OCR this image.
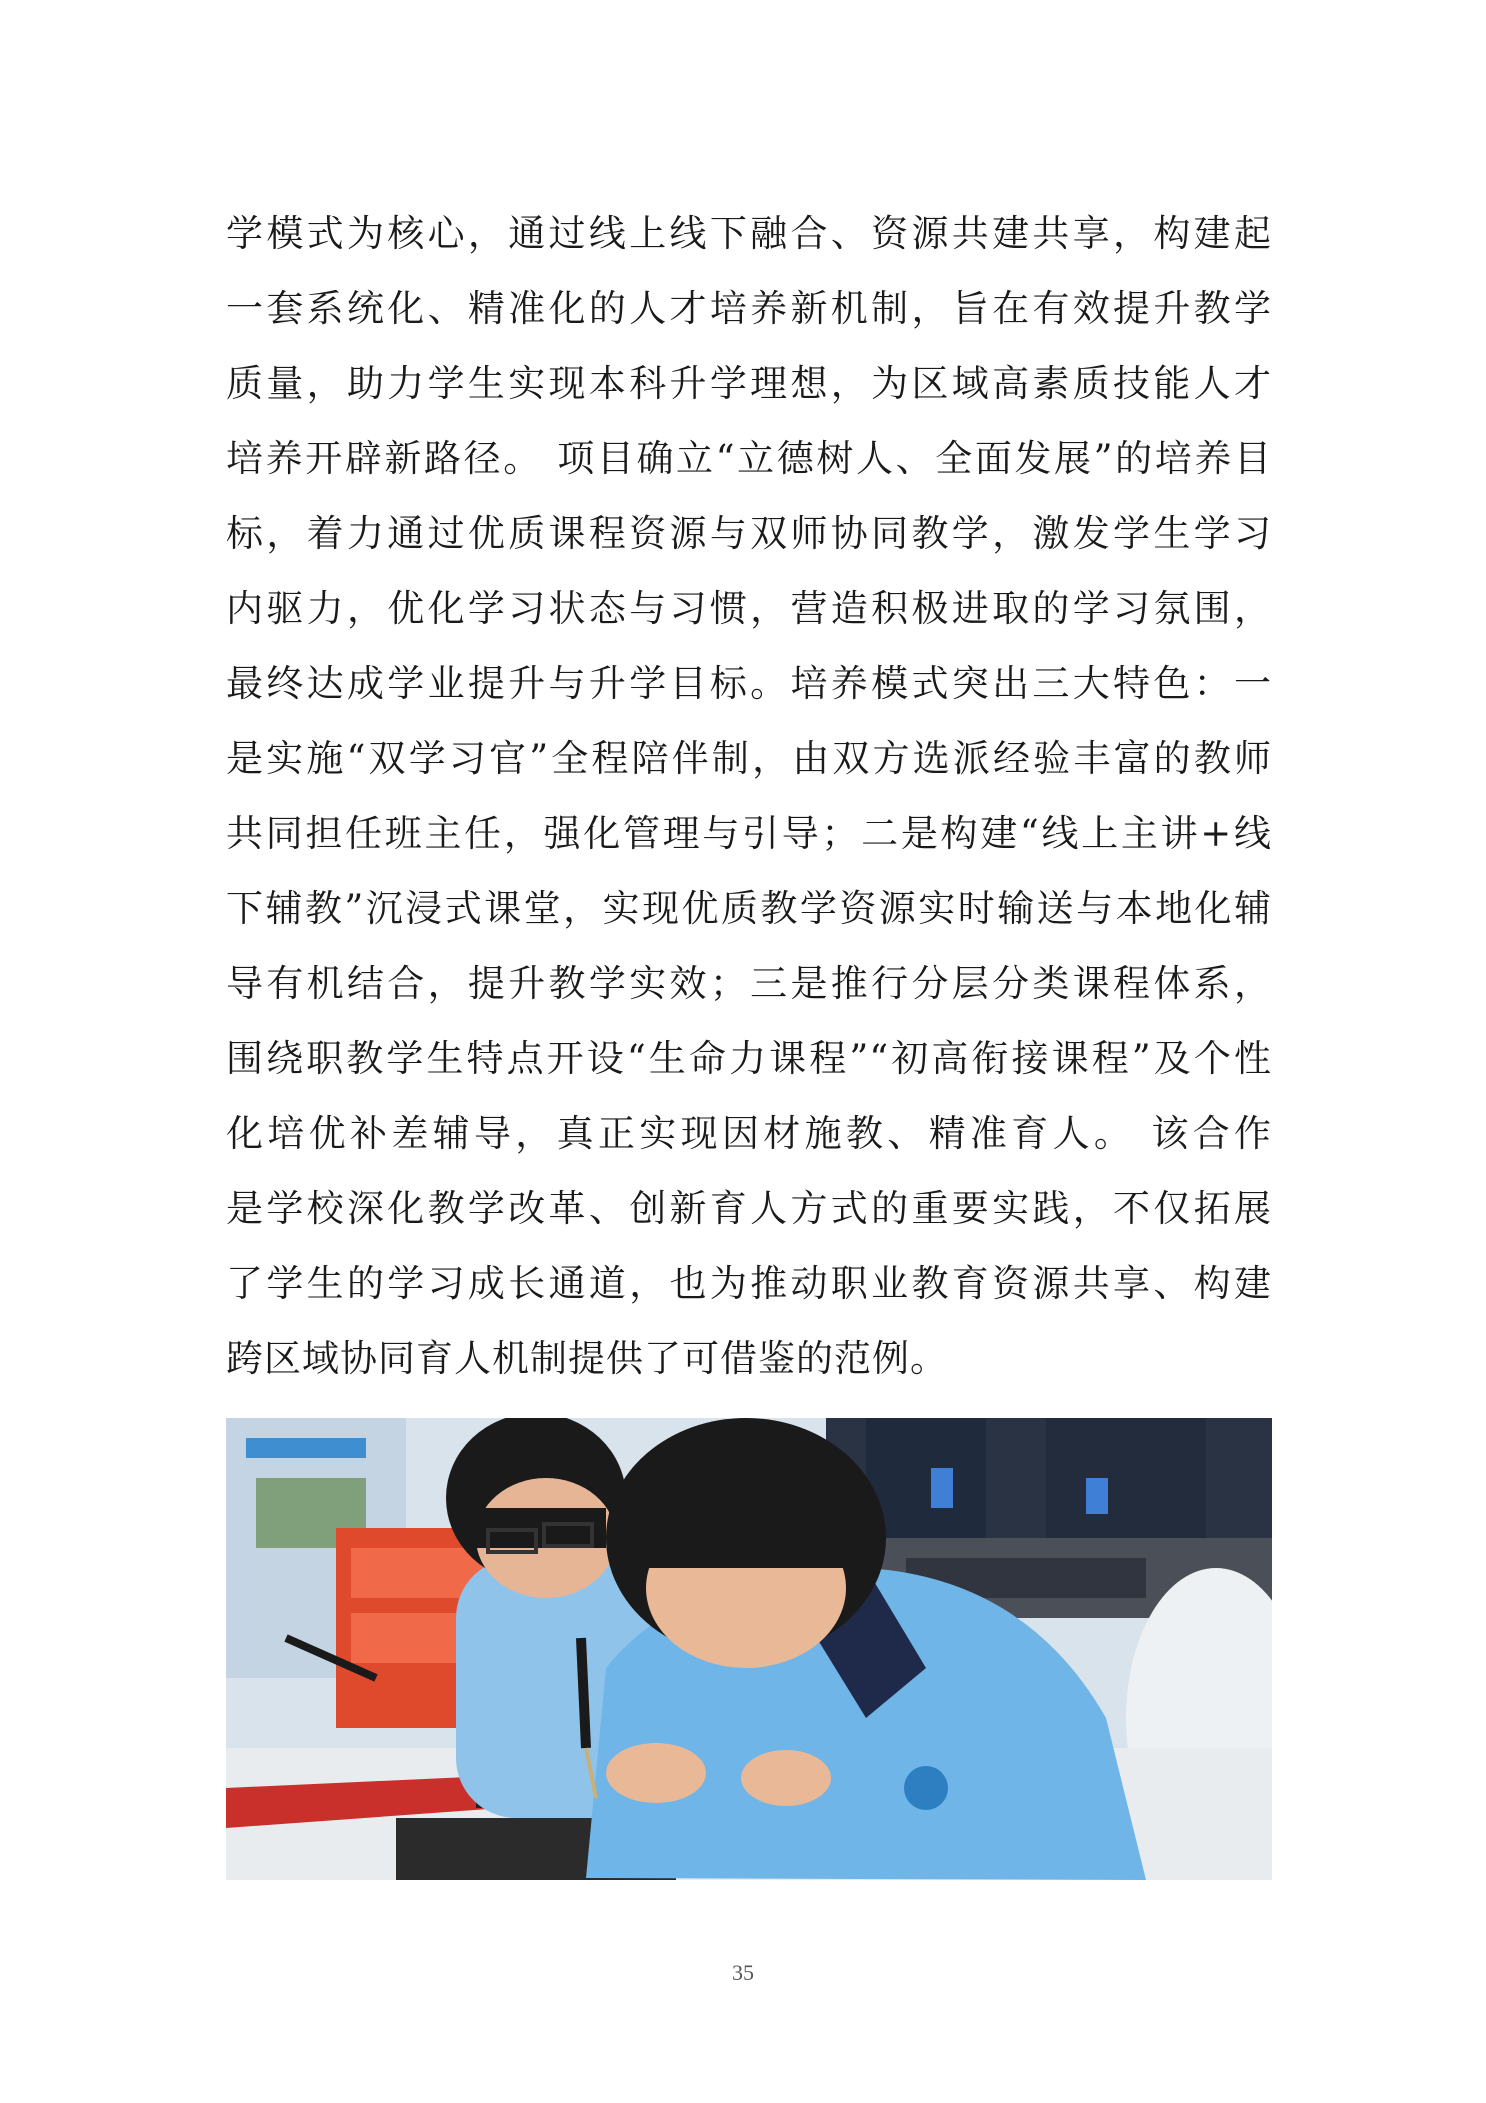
学模式为核心，通过线上线下融合、资源共建共享，构建起
一套系统化、精准化的人才培养新机制，旨在有效提升教学
质量，助力学生实现本科升学理想，为区域高素质技能人才
培养开辟新路径。 项目确立“立德树人、全面发展”的培养目
标，着力通过优质课程资源与双师协同教学，激发学生学习
内驱力，优化学习状态与习惯，营造积极进取的学习氛围，
最终达成学业提升与升学目标。培养模式突出三大特色：一
是实施“双学习官”全程陪伴制，由双方选派经验丰富的教师
共同担任班主任，强化管理与引导；二是构建“线上主讲+线
下辅教”沉浸式课堂，实现优质教学资源实时输送与本地化辅
导有机结合，提升教学实效；三是推行分层分类课程体系，
围绕职教学生特点开设“生命力课程”“初高衔接课程”及个性
化培优补差辅导，真正实现因材施教、精准育人。 该合作
是学校深化教学改革、创新育人方式的重要实践，不仅拓展
了学生的学习成长通道，也为推动职业教育资源共享、构建
跨区域协同育人机制提供了可借鉴的范例。
35
